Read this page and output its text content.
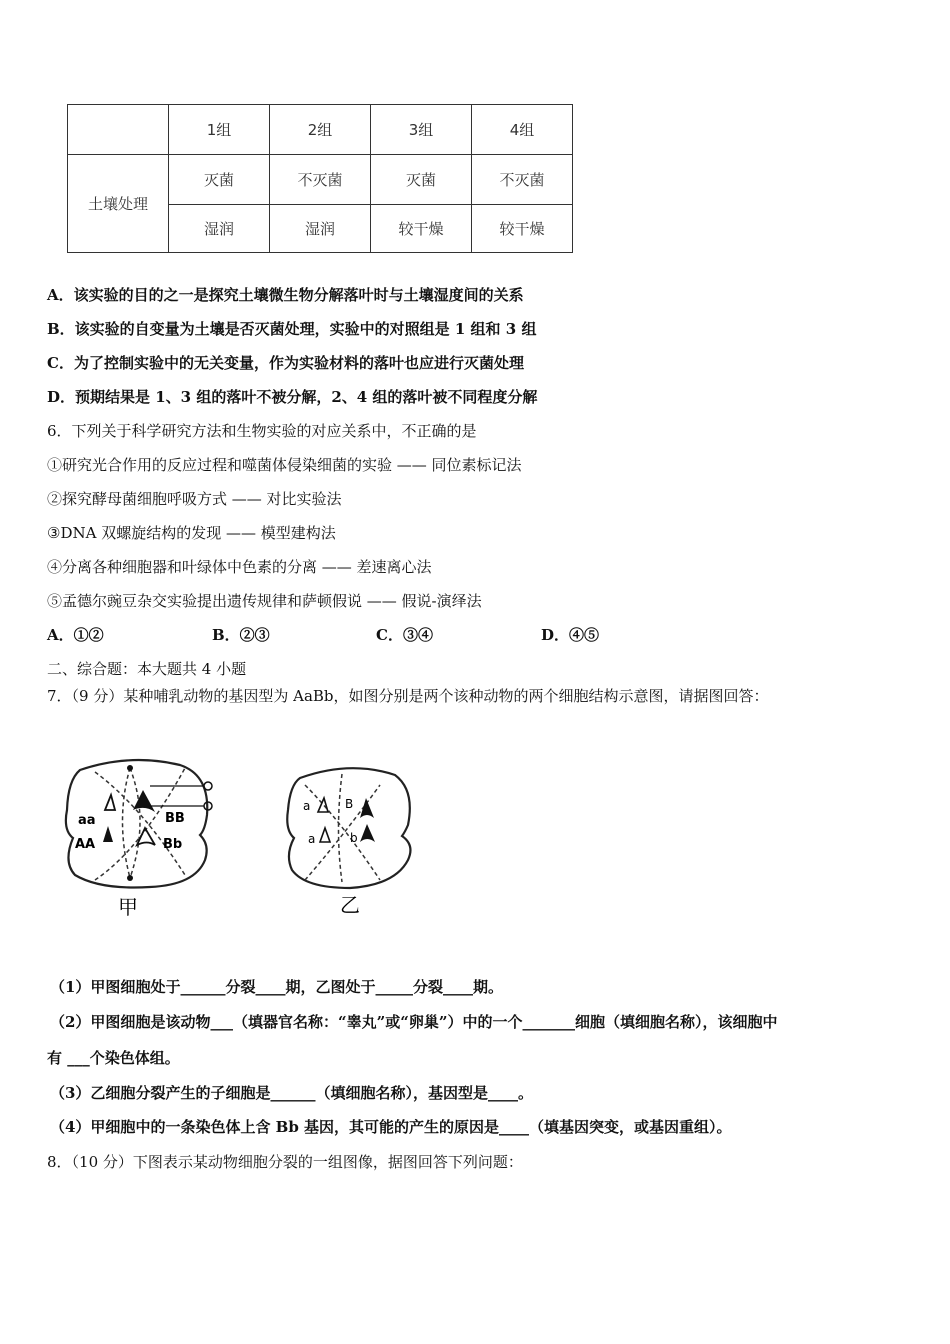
	1组	2组	3组	4组
土壤处理	灭菌	不灭菌	灭菌	不灭菌
	湿润	湿润	较干燥	较干燥
A．该实验的目的之一是探究土壤微生物分解落叶时与土壤湿度间的关系
B．该实验的自变量为土壤是否灭菌处理，实验中的对照组是 1 组和 3 组
C．为了控制实验中的无关变量，作为实验材料的落叶也应进行灭菌处理
D．预期结果是 1、3 组的落叶不被分解，2、4 组的落叶被不同程度分解
6．下列关于科学研究方法和生物实验的对应关系中，不正确的是
①研究光合作用的反应过程和噬菌体侵染细菌的实验 —— 同位素标记法
②探究酵母菌细胞呼吸方式 —— 对比实验法
③DNA 双螺旋结构的发现 —— 模型建构法
④分离各种细胞器和叶绿体中色素的分离 —— 差速离心法
⑤孟德尔豌豆杂交实验提出遗传规律和萨顿假说 —— 假说-演绎法
A．①②	B．②③	C．③④	D．④⑤
二、综合题：本大题共 4 小题
7．（9 分）某种哺乳动物的基因型为 AaBb，如图分别是两个该种动物的两个细胞结构示意图，请据图回答：
aa
AA
BB
Bb
甲
a	B
a	b
乙
（1）甲图细胞处于______分裂____期，乙图处于_____分裂____期。
（2）甲图细胞是该动物___（填器官名称：“睾丸”或“卵巢”）中的一个_______细胞（填细胞名称），该细胞中
有 ___个染色体组。
（3）乙细胞分裂产生的子细胞是______（填细胞名称），基因型是____。
（4）甲细胞中的一条染色体上含 Bb 基因，其可能的产生的原因是____（填基因突变，或基因重组）。
8．（10 分）下图表示某动物细胞分裂的一组图像，据图回答下列问题：
